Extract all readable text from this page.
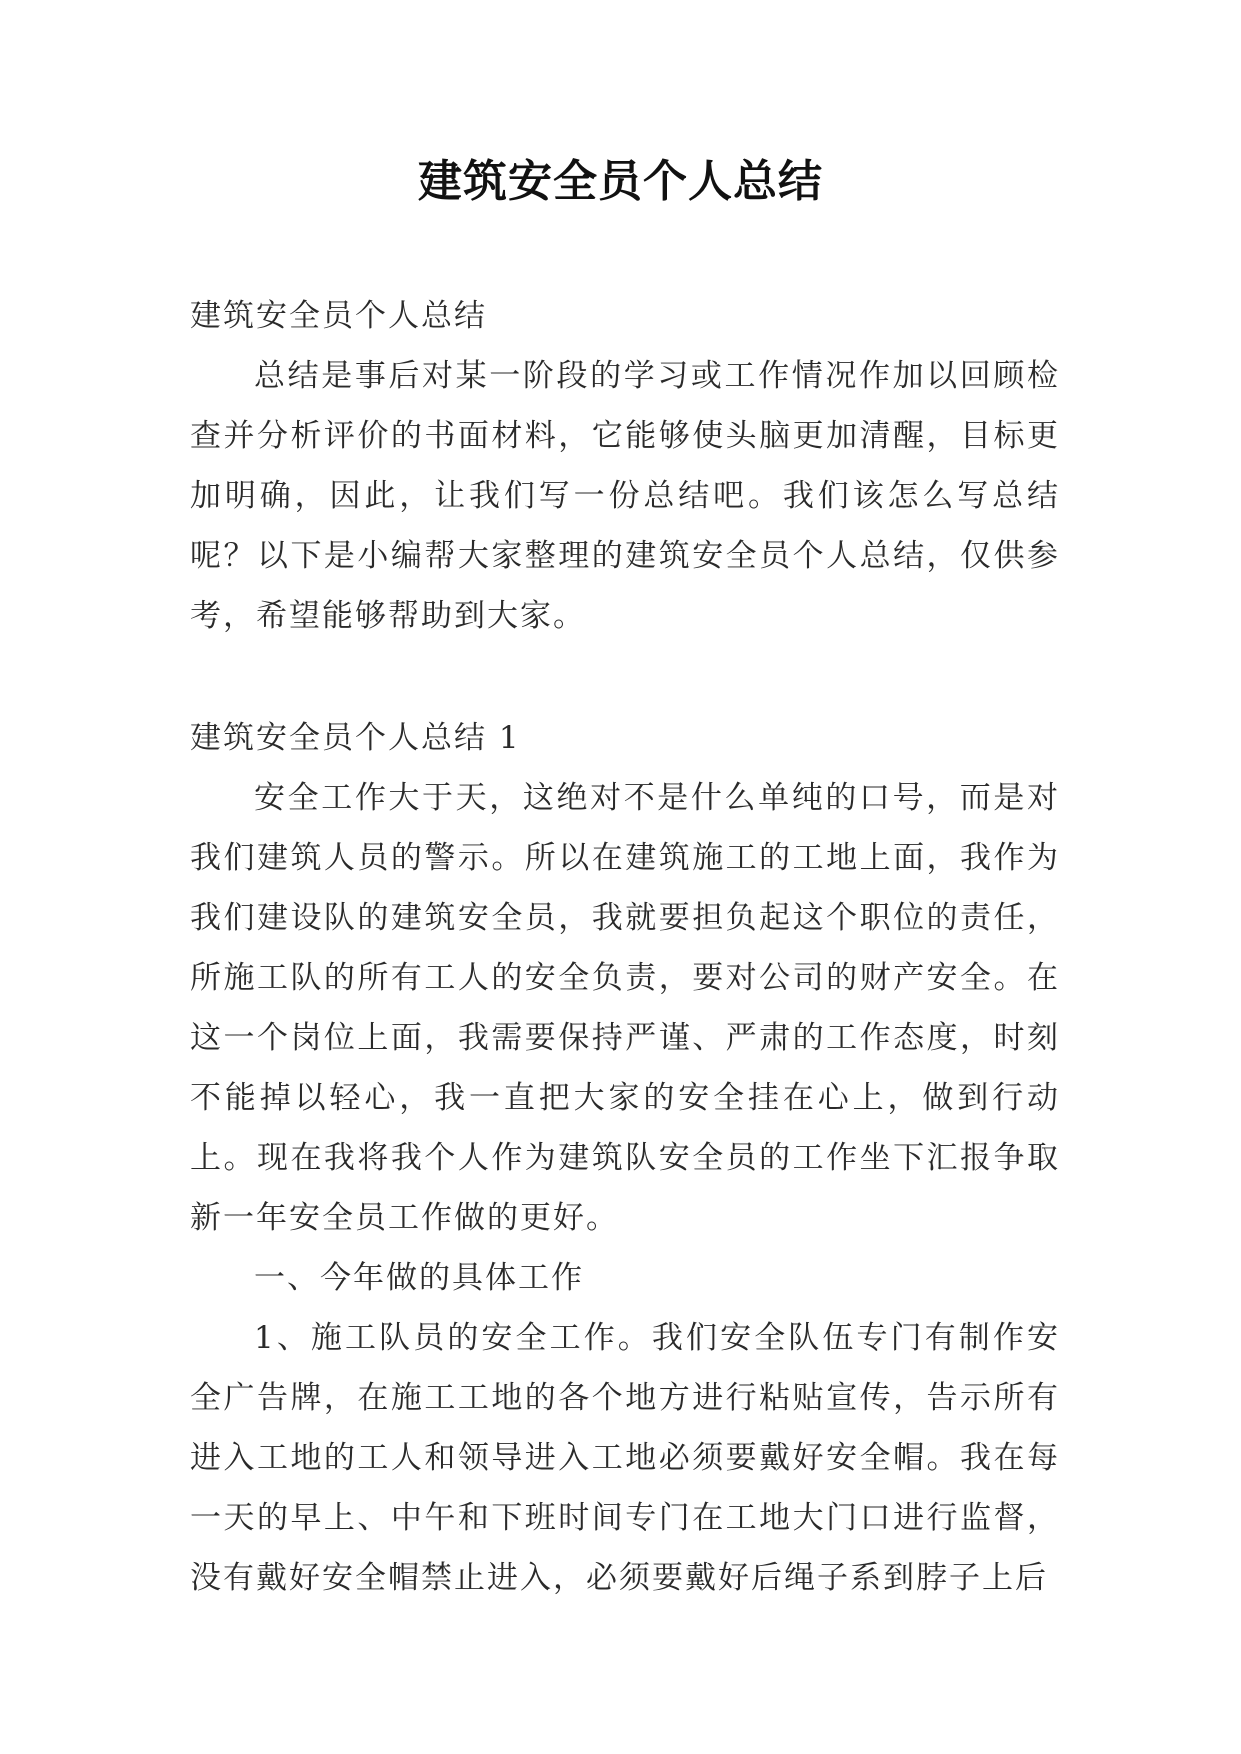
建筑安全员个人总结

建筑安全员个人总结

总结是事后对某一阶段的学习或工作情况作加以回顾检查并分析评价的书面材料，它能够使头脑更加清醒，目标更加明确，因此，让我们写一份总结吧。我们该怎么写总结呢？以下是小编帮大家整理的建筑安全员个人总结，仅供参考，希望能够帮助到大家。

建筑安全员个人总结 1

安全工作大于天，这绝对不是什么单纯的口号，而是对我们建筑人员的警示。所以在建筑施工的工地上面，我作为我们建设队的建筑安全员，我就要担负起这个职位的责任，所施工队的所有工人的安全负责，要对公司的财产安全。在这一个岗位上面，我需要保持严谨、严肃的工作态度，时刻不能掉以轻心，我一直把大家的安全挂在心上，做到行动上。现在我将我个人作为建筑队安全员的工作坐下汇报争取新一年安全员工作做的更好。

一、今年做的具体工作

1、施工队员的安全工作。我们安全队伍专门有制作安全广告牌，在施工工地的各个地方进行粘贴宣传，告示所有进入工地的工人和领导进入工地必须要戴好安全帽。我在每一天的早上、中午和下班时间专门在工地大门口进行监督，没有戴好安全帽禁止进入，必须要戴好后绳子系到脖子上后
